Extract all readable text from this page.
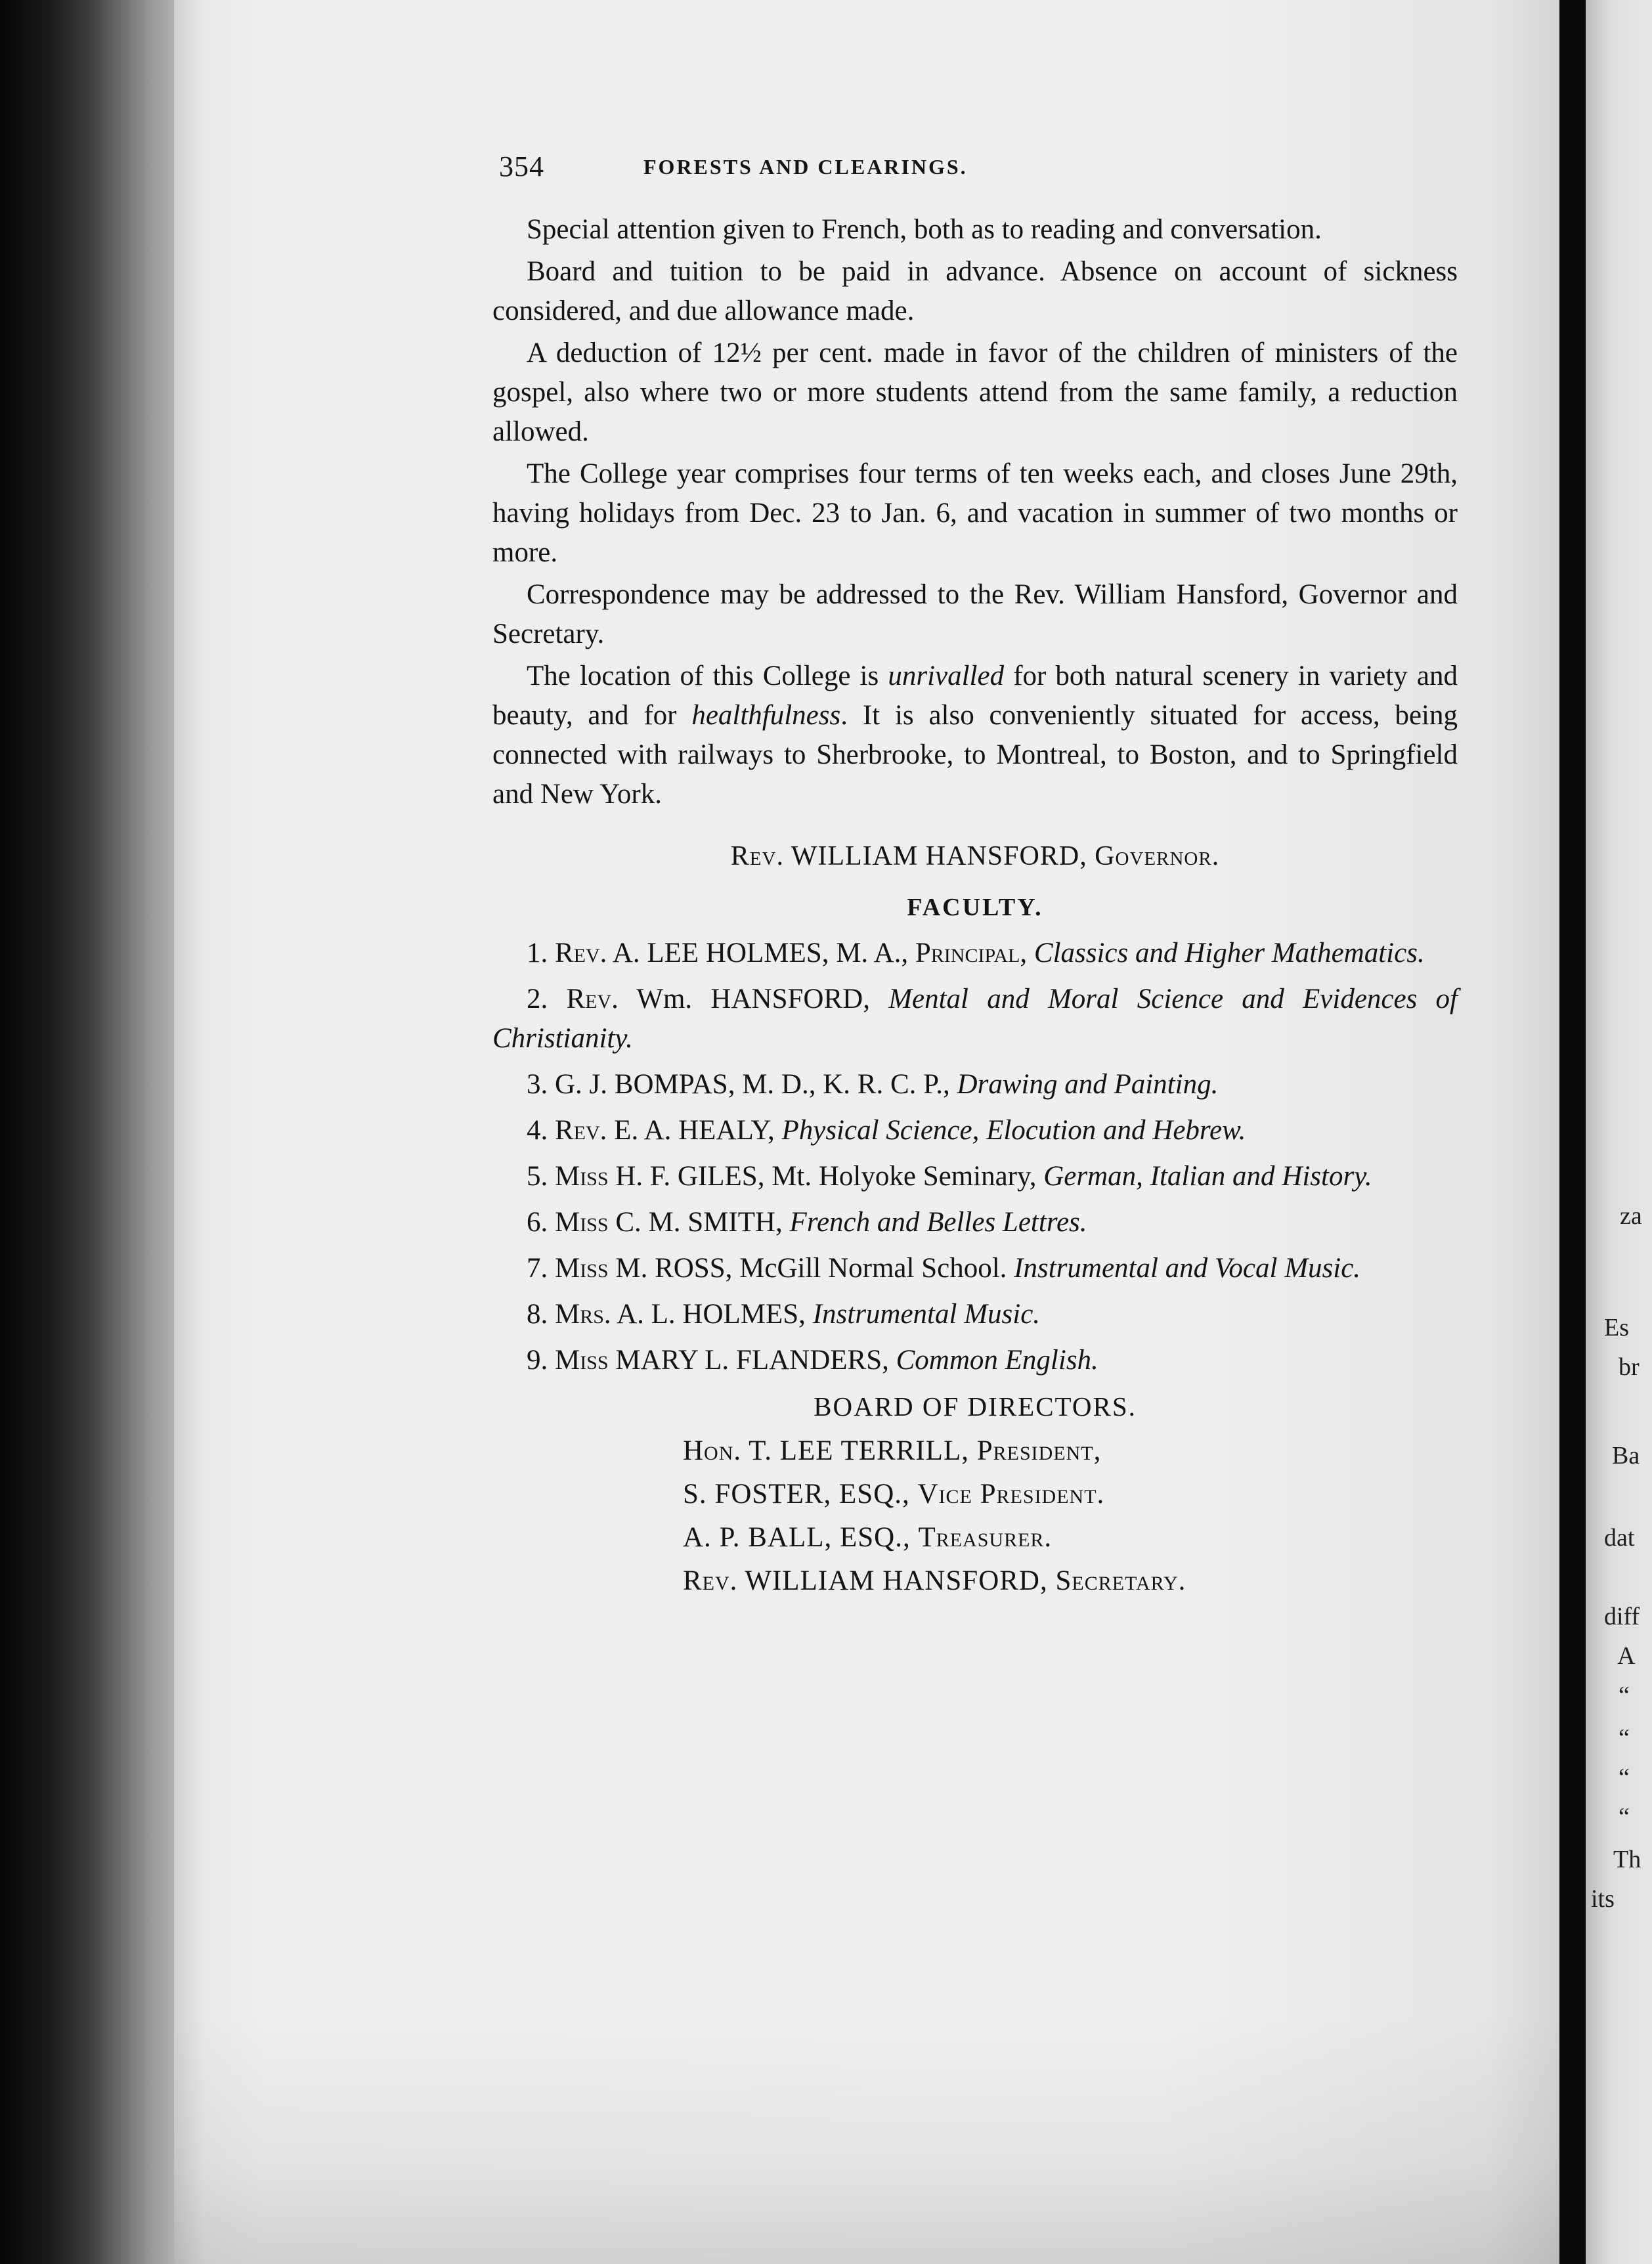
za
Es
br
Ba
dat
diff
A
“
“
“
“
Th
its
354	FORESTS AND CLEARINGS.

Special attention given to French, both as to reading and conversation.

Board and tuition to be paid in advance. Absence on account of sickness considered, and due allowance made.

A deduction of 12½ per cent. made in favor of the children of ministers of the gospel, also where two or more students attend from the same family, a reduction allowed.

The College year comprises four terms of ten weeks each, and closes June 29th, having holidays from Dec. 23 to Jan. 6, and vacation in summer of two months or more.

Correspondence may be addressed to the Rev. William Hansford, Governor and Secretary.

The location of this College is unrivalled for both natural scenery in variety and beauty, and for healthfulness. It is also conveniently situated for access, being connected with railways to Sherbrooke, to Montreal, to Boston, and to Springfield and New York.

Rev. WILLIAM HANSFORD, Governor.

FACULTY.

1. Rev. A. LEE HOLMES, M. A., Principal, Classics and Higher Mathematics.

2. Rev. Wm. HANSFORD, Mental and Moral Science and Evidences of Christianity.

3. G. J. BOMPAS, M. D., K. R. C. P., Drawing and Painting.

4. Rev. E. A. HEALY, Physical Science, Elocution and Hebrew.

5. Miss H. F. GILES, Mt. Holyoke Seminary, German, Italian and History.

6. Miss C. M. SMITH, French and Belles Lettres.

7. Miss M. ROSS, McGill Normal School. Instrumental and Vocal Music.

8. Mrs. A. L. HOLMES, Instrumental Music.

9. Miss MARY L. FLANDERS, Common English.

BOARD OF DIRECTORS.

Hon. T. LEE TERRILL, President,

S. FOSTER, ESQ., Vice President.

A. P. BALL, ESQ., Treasurer.

Rev. WILLIAM HANSFORD, Secretary.
